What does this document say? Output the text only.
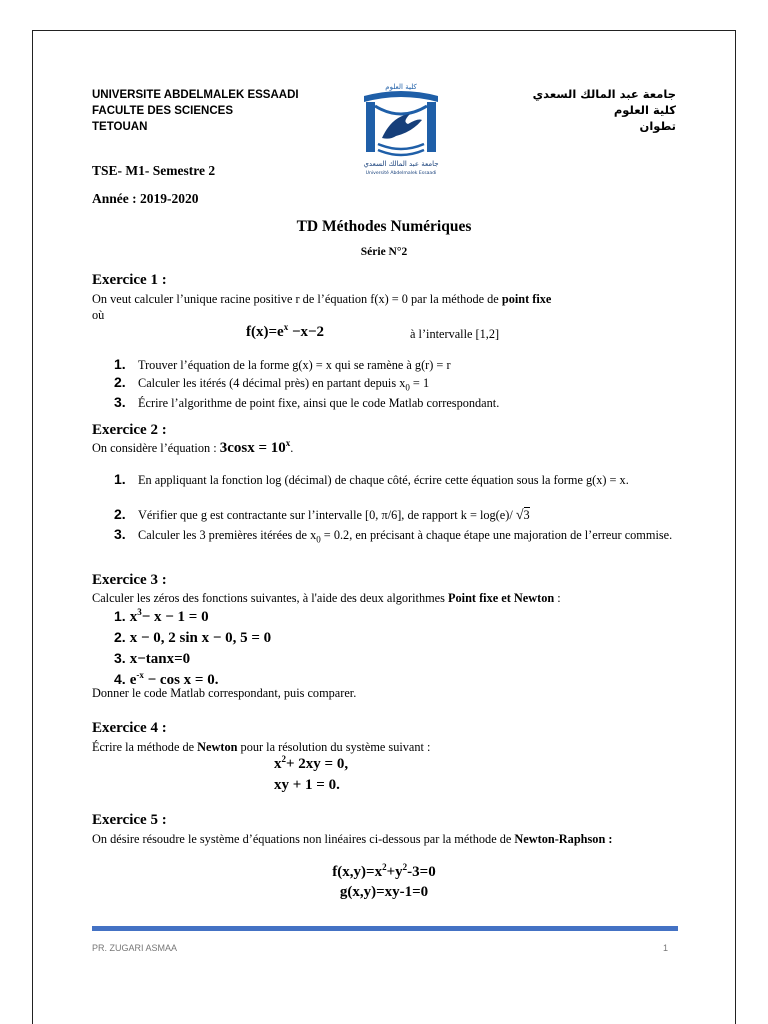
UNIVERSITE ABDELMALEK ESSAADI
FACULTE DES SCIENCES
TETOUAN
كلية العلوم
جامعة عبد المالك السعدي
Université Abdelmalek Essaadi
جامعة عبد المالك السعدي
كلية العلوم
تطوان
TSE- M1- Semestre 2
Année : 2019-2020
TD Méthodes Numériques
Série N°2
Exercice 1 :
On veut calculer l’unique racine positive r de l’équation f(x) = 0 par la méthode de point fixe
où
$f(x)=e^x -x-2$	à l’intervalle [1,2]
1. Trouver l’équation de la forme g(x) = x qui se ramène à g(r) = r
2. Calculer les itérés (4 décimal près) en partant depuis $x_0 = 1$
3. Écrire l’algorithme de point fixe, ainsi que le code Matlab correspondant.
Exercice 2 :
On considère l’équation : $3\cos x = 10^x$.
1. En appliquant la fonction log (décimal) de chaque côté, écrire cette équation sous la forme g(x) = x.
2. Vérifier que g est contractante sur l’intervalle [0, π/6], de rapport k = log(e)/ √3
3. Calculer les 3 premières itérées de $x_0 = 0.2$, en précisant à chaque étape une majoration de l’erreur commise.
Exercice 3 :
Calculer les zéros des fonctions suivantes, à l'aide des deux algorithmes Point fixe et Newton :
1. $x^3- x - 1 = 0$
2. x − 0, 2 sin x − 0, 5 = 0
3. x−tanx=0
4. $e^{-x} - \cos x = 0$.
Donner le code Matlab correspondant, puis comparer.
Exercice 4 :
Écrire la méthode de Newton pour la résolution du système suivant :
$x^2+ 2xy = 0$,
xy + 1 = 0.
Exercice 5 :
On désire résoudre le système d’équations non linéaires ci-dessous par la méthode de Newton-Raphson :
$f(x,y)=x^2+y^2-3=0$
g(x,y)=xy-1=0
PR. ZUGARI ASMAA	1
